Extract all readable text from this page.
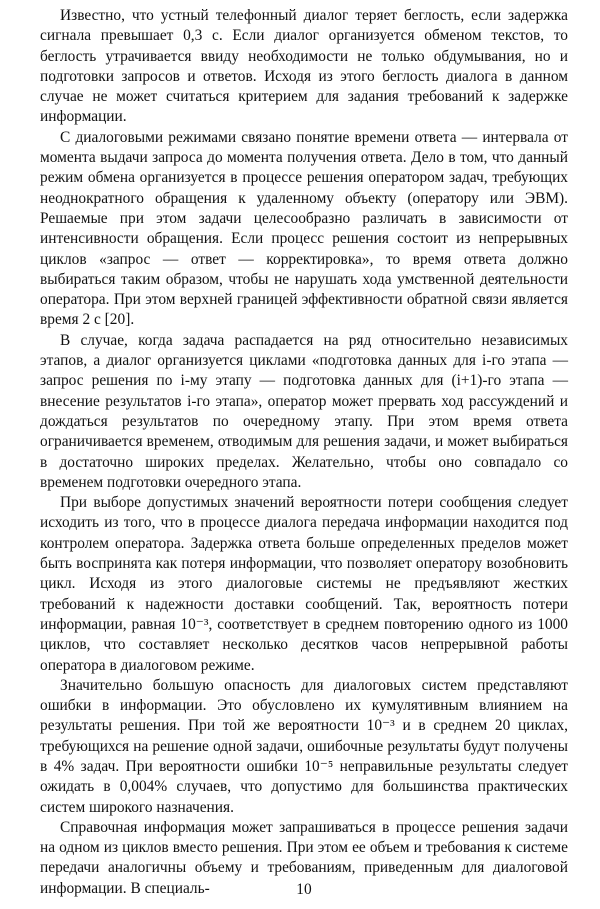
Известно, что устный телефонный диалог теряет беглость, если задержка сигнала превышает 0,3 с. Если диалог организуется обменом текстов, то беглость утрачивается ввиду необходимости не только обдумывания, но и подготовки запросов и ответов. Исходя из этого беглость диалога в данном случае не может считаться критерием для задания требований к задержке информации.

С диалоговыми режимами связано понятие времени ответа — интервала от момента выдачи запроса до момента получения ответа. Дело в том, что данный режим обмена организуется в процессе решения оператором задач, требующих неоднократного обращения к удаленному объекту (оператору или ЭВМ). Решаемые при этом задачи целесообразно различать в зависимости от интенсивности обращения. Если процесс решения состоит из непрерывных циклов «запрос — ответ — корректировка», то время ответа должно выбираться таким образом, чтобы не нарушать хода умственной деятельности оператора. При этом верхней границей эффективности обратной связи является время 2 с [20].

В случае, когда задача распадается на ряд относительно независимых этапов, а диалог организуется циклами «подготовка данных для i-го этапа — запрос решения по i-му этапу — подготовка данных для (i+1)-го этапа — внесение результатов i-го этапа», оператор может прервать ход рассуждений и дождаться результатов по очередному этапу. При этом время ответа ограничивается временем, отводимым для решения задачи, и может выбираться в достаточно широких пределах. Желательно, чтобы оно совпадало со временем подготовки очередного этапа.

При выборе допустимых значений вероятности потери сообщения следует исходить из того, что в процессе диалога передача информации находится под контролем оператора. Задержка ответа больше определенных пределов может быть воспринята как потеря информации, что позволяет оператору возобновить цикл. Исходя из этого диалоговые системы не предъявляют жестких требований к надежности доставки сообщений. Так, вероятность потери информации, равная 10⁻³, соответствует в среднем повторению одного из 1000 циклов, что составляет несколько десятков часов непрерывной работы оператора в диалоговом режиме.

Значительно большую опасность для диалоговых систем представляют ошибки в информации. Это обусловлено их кумулятивным влиянием на результаты решения. При той же вероятности 10⁻³ и в среднем 20 циклах, требующихся на решение одной задачи, ошибочные результаты будут получены в 4% задач. При вероятности ошибки 10⁻⁵ неправильные результаты следует ожидать в 0,004% случаев, что допустимо для большинства практических систем широкого назначения.

Справочная информация может запрашиваться в процессе решения задачи на одном из циклов вместо решения. При этом ее объем и требования к системе передачи аналогичны объему и требованиям, приведенным для диалоговой информации. В специаль-	10
